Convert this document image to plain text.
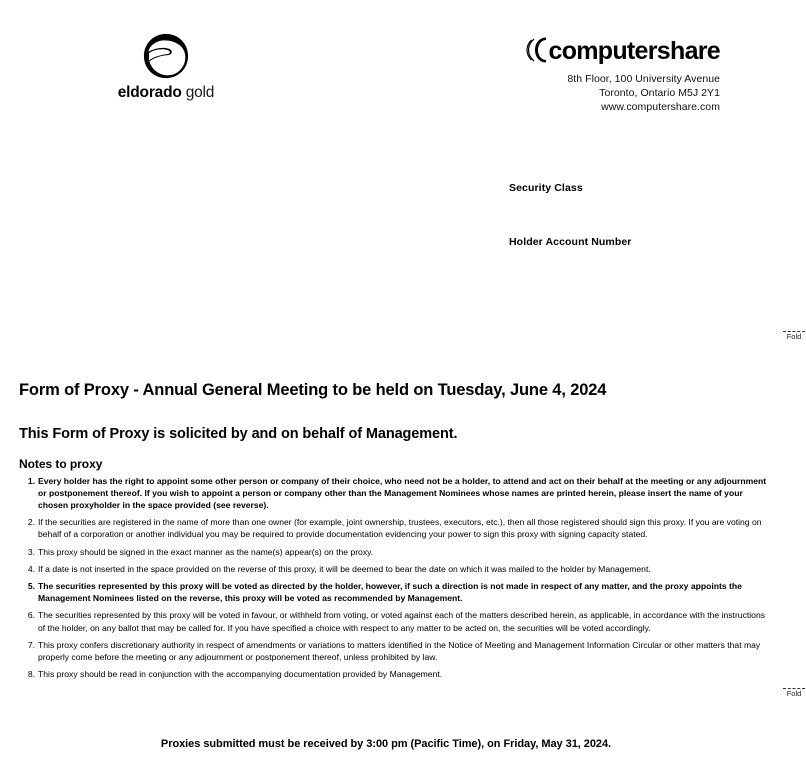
eldorado gold
computershare
8th Floor, 100 University Avenue
Toronto, Ontario M5J 2Y1
www.computershare.com
Security Class
Holder Account Number
Fold
Fold
Form of Proxy - Annual General Meeting to be held on Tuesday, June 4, 2024
This Form of Proxy is solicited by and on behalf of Management.
Notes to proxy
1. Every holder has the right to appoint some other person or company of their choice, who need not be a holder, to attend and act on their behalf at the meeting or any adjournment or postponement thereof. If you wish to appoint a person or company other than the Management Nominees whose names are printed herein, please insert the name of your chosen proxyholder in the space provided (see reverse).
2. If the securities are registered in the name of more than one owner (for example, joint ownership, trustees, executors, etc.), then all those registered should sign this proxy. If you are voting on behalf of a corporation or another individual you may be required to provide documentation evidencing your power to sign this proxy with signing capacity stated.
3. This proxy should be signed in the exact manner as the name(s) appear(s) on the proxy.
4. If a date is not inserted in the space provided on the reverse of this proxy, it will be deemed to bear the date on which it was mailed to the holder by Management.
5. The securities represented by this proxy will be voted as directed by the holder, however, if such a direction is not made in respect of any matter, and the proxy appoints the Management Nominees listed on the reverse, this proxy will be voted as recommended by Management.
6. The securities represented by this proxy will be voted in favour, or withheld from voting, or voted against each of the matters described herein, as applicable, in accordance with the instructions of the holder, on any ballot that may be called for. If you have specified a choice with respect to any matter to be acted on, the securities will be voted accordingly.
7. This proxy confers discretionary authority in respect of amendments or variations to matters identified in the Notice of Meeting and Management Information Circular or other matters that may properly come before the meeting or any adjournment or postponement thereof, unless prohibited by law.
8. This proxy should be read in conjunction with the accompanying documentation provided by Management.
Proxies submitted must be received by 3:00 pm (Pacific Time), on Friday, May 31, 2024.
